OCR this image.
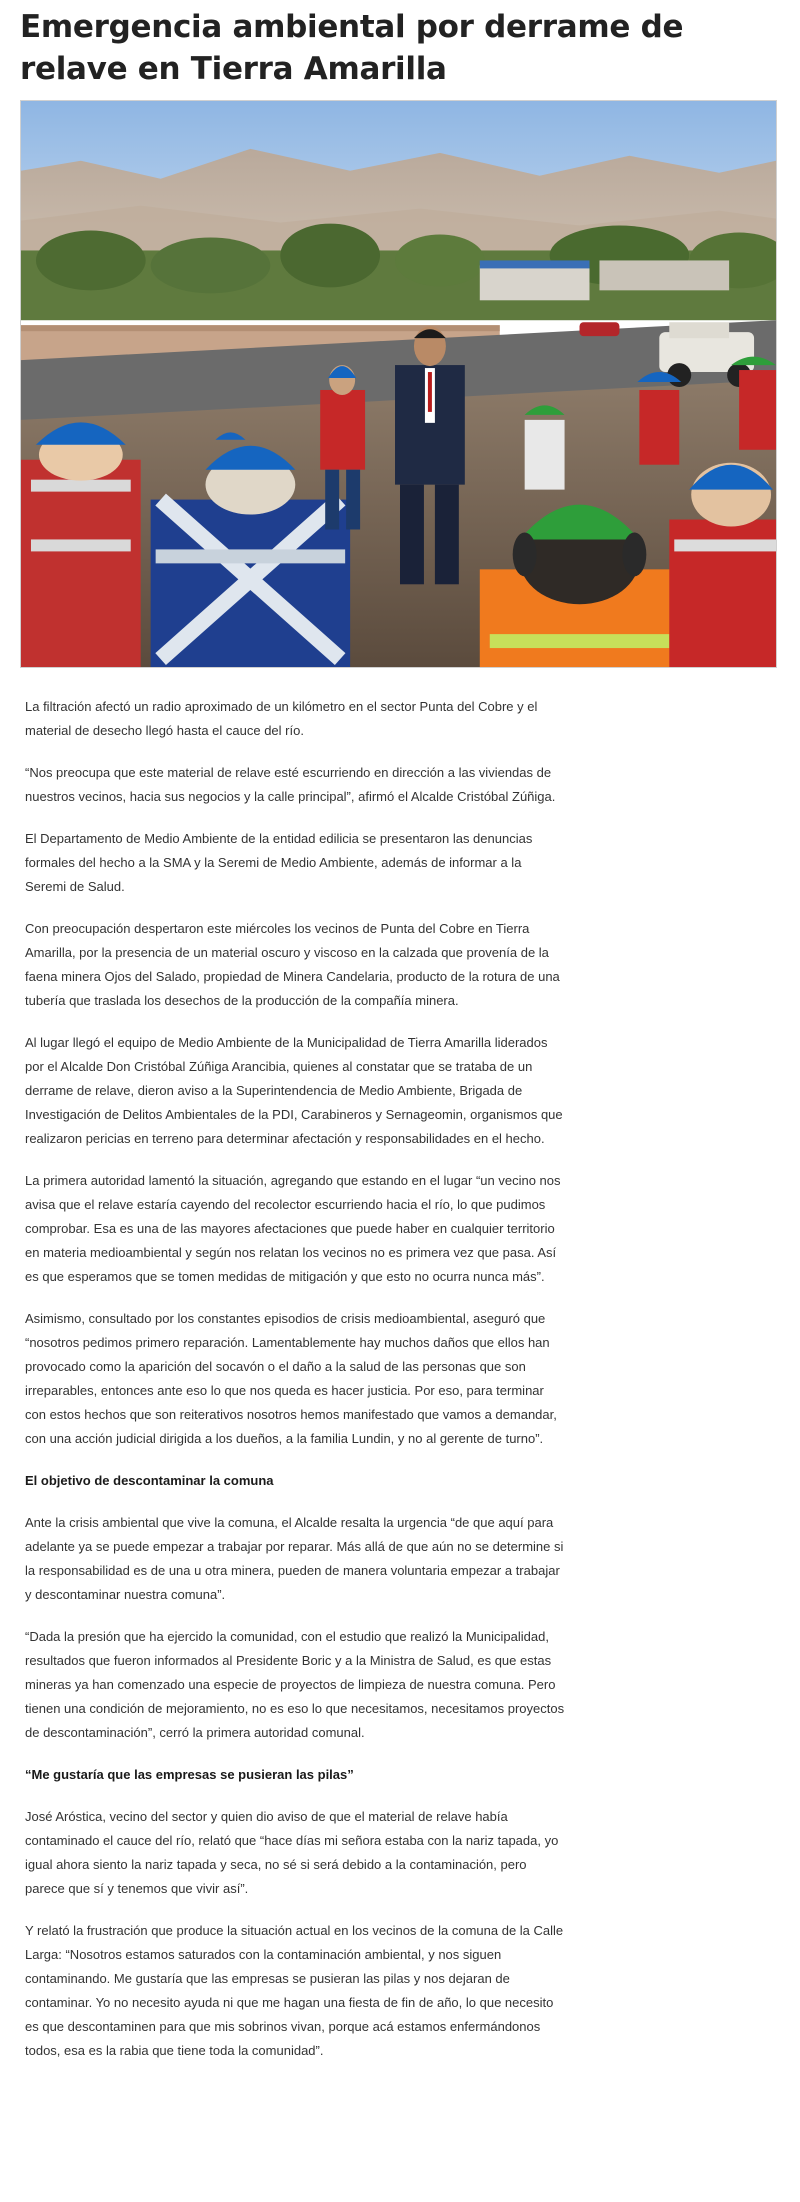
Emergencia ambiental por derrame de relave en Tierra Amarilla

La filtración afectó un radio aproximado de un kilómetro en el sector Punta del Cobre y el material de desecho llegó hasta el cauce del río.

“Nos preocupa que este material de relave esté escurriendo en dirección a las viviendas de nuestros vecinos, hacia sus negocios y la calle principal”, afirmó el Alcalde Cristóbal Zúñiga.

El Departamento de Medio Ambiente de la entidad edilicia se presentaron las denuncias formales del hecho a la SMA y la Seremi de Medio Ambiente, además de informar a la Seremi de Salud.

Con preocupación despertaron este miércoles los vecinos de Punta del Cobre en Tierra Amarilla, por la presencia de un material oscuro y viscoso en la calzada que provenía de la faena minera Ojos del Salado, propiedad de Minera Candelaria, producto de la rotura de una tubería que traslada los desechos de la producción de la compañía minera.

Al lugar llegó el equipo de Medio Ambiente de la Municipalidad de Tierra Amarilla liderados por el Alcalde Don Cristóbal Zúñiga Arancibia, quienes al constatar que se trataba de un derrame de relave, dieron aviso a la Superintendencia de Medio Ambiente, Brigada de Investigación de Delitos Ambientales de la PDI, Carabineros y Sernageomin, organismos que realizaron pericias en terreno para determinar afectación y responsabilidades en el hecho.

La primera autoridad lamentó la situación, agregando que estando en el lugar “un vecino nos avisa que el relave estaría cayendo del recolector escurriendo hacia el río, lo que pudimos comprobar. Esa es una de las mayores afectaciones que puede haber en cualquier territorio en materia medioambiental y según nos relatan los vecinos no es primera vez que pasa. Así es que esperamos que se tomen medidas de mitigación y que esto no ocurra nunca más”.

Asimismo, consultado por los constantes episodios de crisis medioambiental, aseguró que “nosotros pedimos primero reparación. Lamentablemente hay muchos daños que ellos han provocado como la aparición del socavón o el daño a la salud de las personas que son irreparables, entonces ante eso lo que nos queda es hacer justicia. Por eso, para terminar con estos hechos que son reiterativos nosotros hemos manifestado que vamos a demandar, con una acción judicial dirigida a los dueños, a la familia Lundin, y no al gerente de turno”.

El objetivo de descontaminar la comuna

Ante la crisis ambiental que vive la comuna, el Alcalde resalta la urgencia “de que aquí para adelante ya se puede empezar a trabajar por reparar. Más allá de que aún no se determine si la responsabilidad es de una u otra minera, pueden de manera voluntaria empezar a trabajar y descontaminar nuestra comuna”.

“Dada la presión que ha ejercido la comunidad, con el estudio que realizó la Municipalidad, resultados que fueron informados al Presidente Boric y a la Ministra de Salud, es que estas mineras ya han comenzado una especie de proyectos de limpieza de nuestra comuna. Pero tienen una condición de mejoramiento, no es eso lo que necesitamos, necesitamos proyectos de descontaminación”, cerró la primera autoridad comunal.

“Me gustaría que las empresas se pusieran las pilas”

José Aróstica, vecino del sector y quien dio aviso de que el material de relave había contaminado el cauce del río, relató que “hace días mi señora estaba con la nariz tapada, yo igual ahora siento la nariz tapada y seca, no sé si será debido a la contaminación, pero parece que sí y tenemos que vivir así”.

Y relató la frustración que produce la situación actual en los vecinos de la comuna de la Calle Larga: “Nosotros estamos saturados con la contaminación ambiental, y nos siguen contaminando. Me gustaría que las empresas se pusieran las pilas y nos dejaran de contaminar. Yo no necesito ayuda ni que me hagan una fiesta de fin de año, lo que necesito es que descontaminen para que mis sobrinos vivan, porque acá estamos enfermándonos todos, esa es la rabia que tiene toda la comunidad”.
